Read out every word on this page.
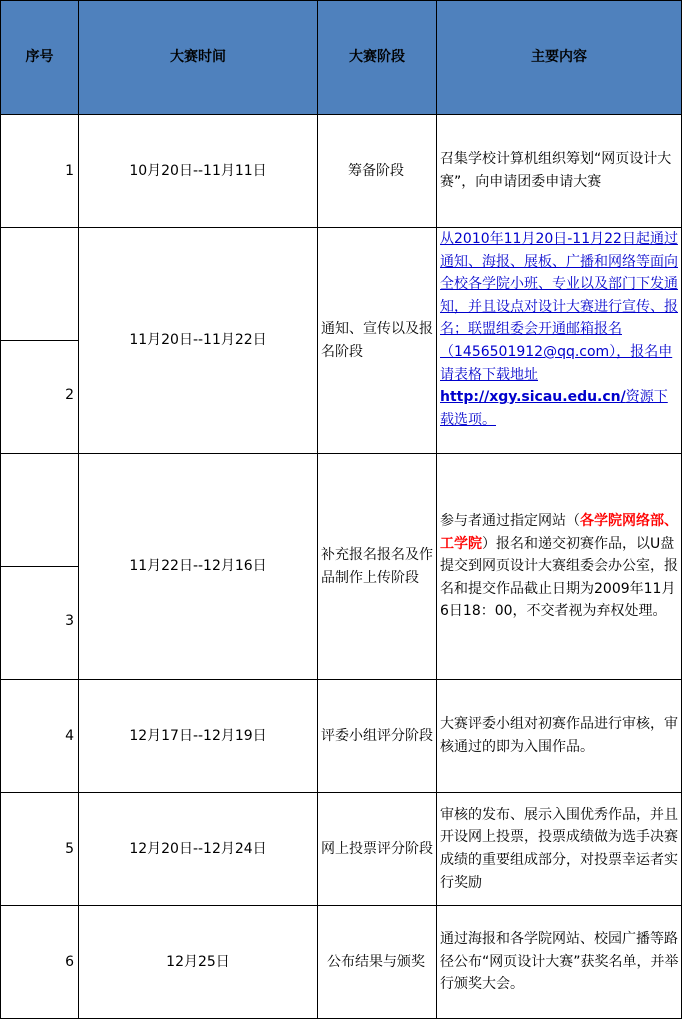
序号	大赛时间	大赛阶段	主要内容
1	10月20日--11月11日	筹备阶段	召集学校计算机组织筹划“网页设计大赛”，向申请团委申请大赛
2	11月20日--11月22日	通知、宣传以及报名阶段	从2010年11月20日-11月22日起通过通知、海报、展板、广播和网络等面向全校各学院小班、专业以及部门下发通知，并且设点对设计大赛进行宣传、报名；联盟组委会开通邮箱报名（1456501912@qq.com），报名申请表格下载地址http://xgy.sicau.edu.cn/资源下载选项。
3	11月22日--12月16日	补充报名报名及作品制作上传阶段	参与者通过指定网站（各学院网络部、工学院）报名和递交初赛作品，以U盘提交到网页设计大赛组委会办公室，报名和提交作品截止日期为2009年11月6日18：00，不交者视为弃权处理。
4	12月17日--12月19日	评委小组评分阶段	大赛评委小组对初赛作品进行审核，审核通过的即为入围作品。
5	12月20日--12月24日	网上投票评分阶段	审核的发布、展示入围优秀作品，并且开设网上投票，投票成绩做为选手决赛成绩的重要组成部分，对投票幸运者实行奖励
6	12月25日	公布结果与颁奖	通过海报和各学院网站、校园广播等路径公布“网页设计大赛”获奖名单，并举行颁奖大会。
